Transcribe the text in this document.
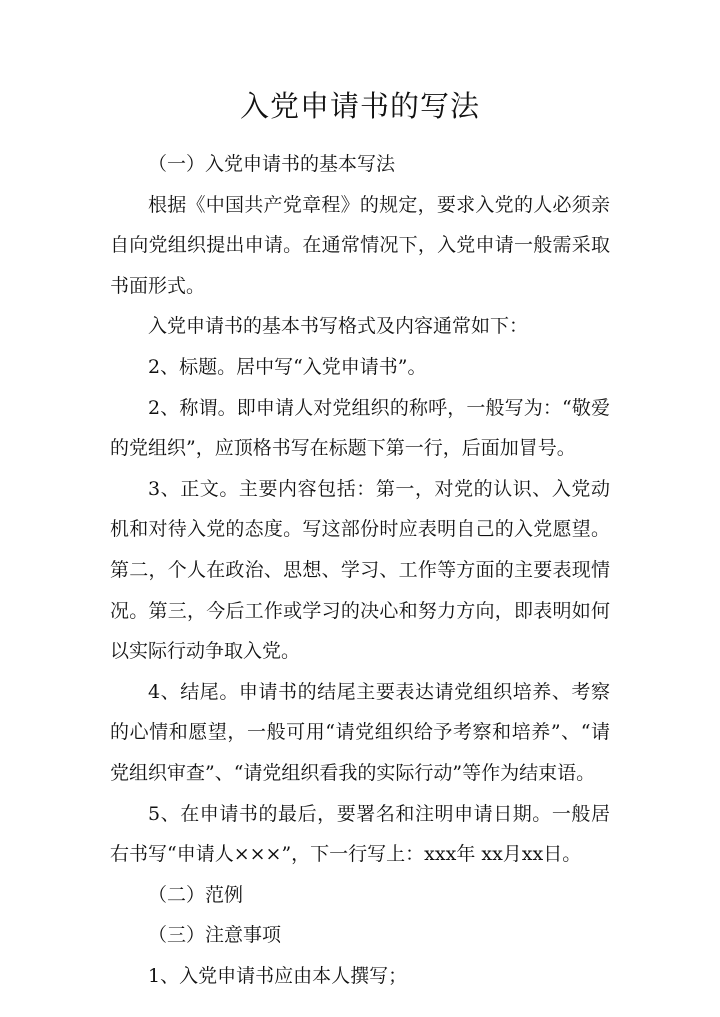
入党申请书的写法

（一）入党申请书的基本写法

根据《中国共产党章程》的规定，要求入党的人必须亲自向党组织提出申请。在通常情况下，入党申请一般需采取书面形式。

入党申请书的基本书写格式及内容通常如下：

2、标题。居中写“入党申请书”。

2、称谓。即申请人对党组织的称呼，一般写为：“敬爱的党组织”，应顶格书写在标题下第一行，后面加冒号。

3、正文。主要内容包括：第一，对党的认识、入党动机和对待入党的态度。写这部份时应表明自己的入党愿望。第二，个人在政治、思想、学习、工作等方面的主要表现情况。第三，今后工作或学习的决心和努力方向，即表明如何以实际行动争取入党。

4、结尾。申请书的结尾主要表达请党组织培养、考察的心情和愿望，一般可用“请党组织给予考察和培养”、“请党组织审查”、“请党组织看我的实际行动”等作为结束语。

5、在申请书的最后，要署名和注明申请日期。一般居右书写“申请人×××”，下一行写上：xxx年 xx月xx日。

（二）范例

（三）注意事项

1、入党申请书应由本人撰写；
